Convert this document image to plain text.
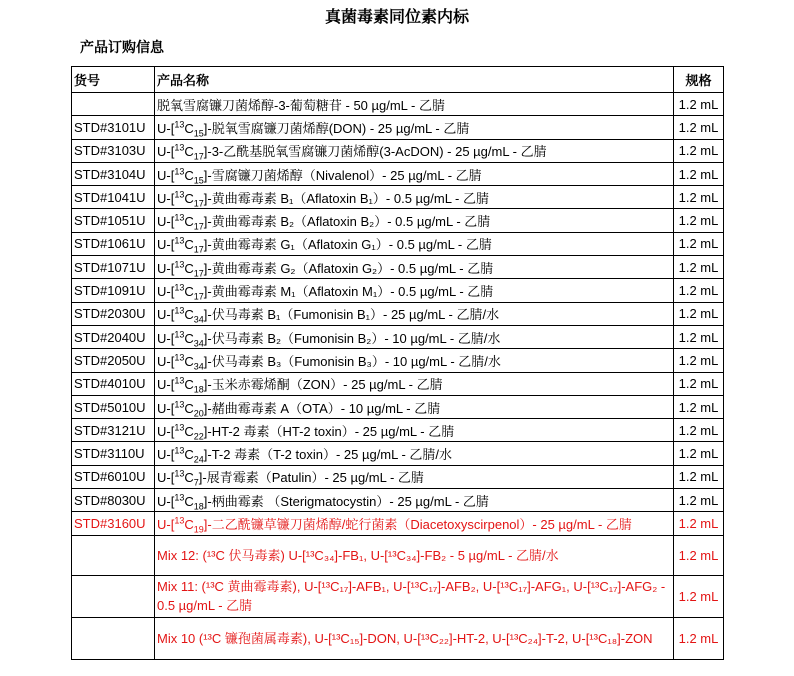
真菌毒素同位素内标
产品订购信息
货号	产品名称	规格
	脱氧雪腐镰刀菌烯醇-3-葡萄糖苷 - 50 µg/mL - 乙腈	1.2 mL
STD#3101U	$U-[^{13}C_{15}]-$脱氧雪腐镰刀菌烯醇(DON) - 25 µg/mL - 乙腈	1.2 mL
STD#3103U	$U-[^{13}C_{17}]-3-$乙酰基脱氧雪腐镰刀菌烯醇(3-AcDON) - 25 µg/mL - 乙腈	1.2 mL
STD#3104U	$U-[^{13}C_{15}]-$雪腐镰刀菌烯醇（Nivalenol）- 25 µg/mL - 乙腈	1.2 mL
STD#1041U	$U-[^{13}C_{17}]-$黄曲霉毒素 B₁（Aflatoxin B₁）- 0.5 µg/mL - 乙腈	1.2 mL
STD#1051U	$U-[^{13}C_{17}]-$黄曲霉毒素 B₂（Aflatoxin B₂）- 0.5 µg/mL - 乙腈	1.2 mL
STD#1061U	$U-[^{13}C_{17}]-$黄曲霉毒素 G₁（Aflatoxin G₁）- 0.5 µg/mL - 乙腈	1.2 mL
STD#1071U	$U-[^{13}C_{17}]-$黄曲霉毒素 G₂（Aflatoxin G₂）- 0.5 µg/mL - 乙腈	1.2 mL
STD#1091U	$U-[^{13}C_{17}]-$黄曲霉毒素 M₁（Aflatoxin M₁）- 0.5 µg/mL - 乙腈	1.2 mL
STD#2030U	$U-[^{13}C_{34}]-$伏马毒素 B₁（Fumonisin B₁）- 25 µg/mL - 乙腈/水	1.2 mL
STD#2040U	$U-[^{13}C_{34}]-$伏马毒素 B₂（Fumonisin B₂）- 10 µg/mL - 乙腈/水	1.2 mL
STD#2050U	$U-[^{13}C_{34}]-$伏马毒素 B₃（Fumonisin B₃）- 10 µg/mL - 乙腈/水	1.2 mL
STD#4010U	$U-[^{13}C_{18}]-$玉米赤霉烯酮（ZON）- 25 µg/mL - 乙腈	1.2 mL
STD#5010U	$U-[^{13}C_{20}]-$赭曲霉毒素 A（OTA）- 10 µg/mL - 乙腈	1.2 mL
STD#3121U	$U-[^{13}C_{22}]-HT-2$ 毒素（HT-2 toxin）- 25 µg/mL - 乙腈	1.2 mL
STD#3110U	$U-[^{13}C_{24}]-T-2$ 毒素（T-2 toxin）- 25 µg/mL - 乙腈/水	1.2 mL
STD#6010U	$U-[^{13}C_7]-$展青霉素（Patulin）- 25 µg/mL - 乙腈	1.2 mL
STD#8030U	$U-[^{13}C_{18}]-$柄曲霉素 （Sterigmatocystin）- 25 µg/mL - 乙腈	1.2 mL
STD#3160U	$U-[^{13}C_{19}]-$二乙酰镰草镰刀菌烯醇/蛇行菌素（Diacetoxyscirpenol）- 25 µg/mL - 乙腈	1.2 mL
	Mix 12: (¹³C 伏马毒素) U-[¹³C₃₄]-FB₁, U-[¹³C₃₄]-FB₂ - 5 µg/mL - 乙腈/水	1.2 mL
	Mix 11: (¹³C 黄曲霉毒素), U-[¹³C₁₇]-AFB₁, U-[¹³C₁₇]-AFB₂, U-[¹³C₁₇]-AFG₁, U-[¹³C₁₇]-AFG₂ - 0.5 µg/mL - 乙腈	1.2 mL
	Mix 10 (¹³C 镰孢菌属毒素), U-[¹³C₁₅]-DON, U-[¹³C₂₂]-HT-2, U-[¹³C₂₄]-T-2, U-[¹³C₁₈]-ZON	1.2 mL
